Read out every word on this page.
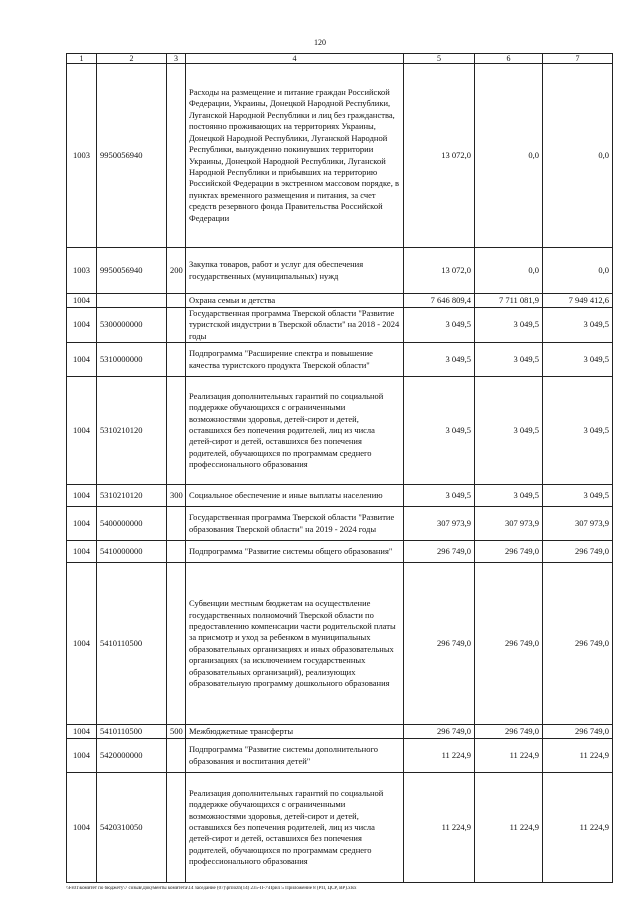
120
1	2	3	4	5	6	7
1003	9950056940		Расходы на размещение и питание граждан Российской Федерации, Украины, Донецкой Народной Республики, Луганской Народной Республики и лиц без гражданства, постоянно проживающих на территориях Украины, Донецкой Народной Республики, Луганской Народной Республики, вынужденно покинувших территории Украины, Донецкой Народной Республики, Луганской Народной Республики и прибывших на территорию Российской Федерации в экстренном массовом порядке, в пунктах временного размещения и питания, за счет средств резервного фонда Правительства Российской Федерации	13 072,0	0,0	0,0
1003	9950056940	200	Закупка товаров, работ и услуг для обеспечения государственных (муниципальных) нужд	13 072,0	0,0	0,0
1004			Охрана семьи и детства	7 646 809,4	7 711 081,9	7 949 412,6
1004	5300000000		Государственная программа Тверской области "Развитие туристской индустрии в Тверской области" на 2018 - 2024 годы	3 049,5	3 049,5	3 049,5
1004	5310000000		Подпрограмма "Расширение спектра и повышение качества туристского продукта Тверской области"	3 049,5	3 049,5	3 049,5
1004	5310210120		Реализация дополнительных гарантий по социальной поддержке обучающихся с ограниченными возможностями здоровья, детей-сирот и детей, оставшихся без попечения родителей, лиц из числа детей-сирот и детей, оставшихся без попечения родителей, обучающихся по программам среднего профессионального образования	3 049,5	3 049,5	3 049,5
1004	5310210120	300	Социальное обеспечение и иные выплаты населению	3 049,5	3 049,5	3 049,5
1004	5400000000		Государственная программа Тверской области "Развитие образования Тверской области" на 2019 - 2024 годы	307 973,9	307 973,9	307 973,9
1004	5410000000		Подпрограмма "Развитие системы общего образования"	296 749,0	296 749,0	296 749,0
1004	5410110500		Субвенции местным бюджетам на осуществление государственных полномочий Тверской области по предоставлению компенсации части родительской платы за присмотр и уход за ребенком в муниципальных образовательных организациях и иных образовательных организациях (за исключением государственных образовательных организаций), реализующих образовательную программу дошкольного образования	296 749,0	296 749,0	296 749,0
1004	5410110500	500	Межбюджетные трансферты	296 749,0	296 749,0	296 749,0
1004	5420000000		Подпрограмма "Развитие системы дополнительного образования и воспитания детей"	11 224,9	11 224,9	11 224,9
1004	5420310050		Реализация дополнительных гарантий по социальной поддержке обучающихся с ограниченными возможностями здоровья, детей-сирот и детей, оставшихся без попечения родителей, лиц из числа детей-сирот и детей, оставшихся без попечения родителей, обучающихся по программам среднего профессионального образования	11 224,9	11 224,9	11 224,9
\\Fs01\комитет по бюджету\7 созыв\Документы комитета\14 заседание (07)\prilozh(14) 235-П-7\Прил 5 Приложение 8 (РП, ЦСР, ВР).xlsx
